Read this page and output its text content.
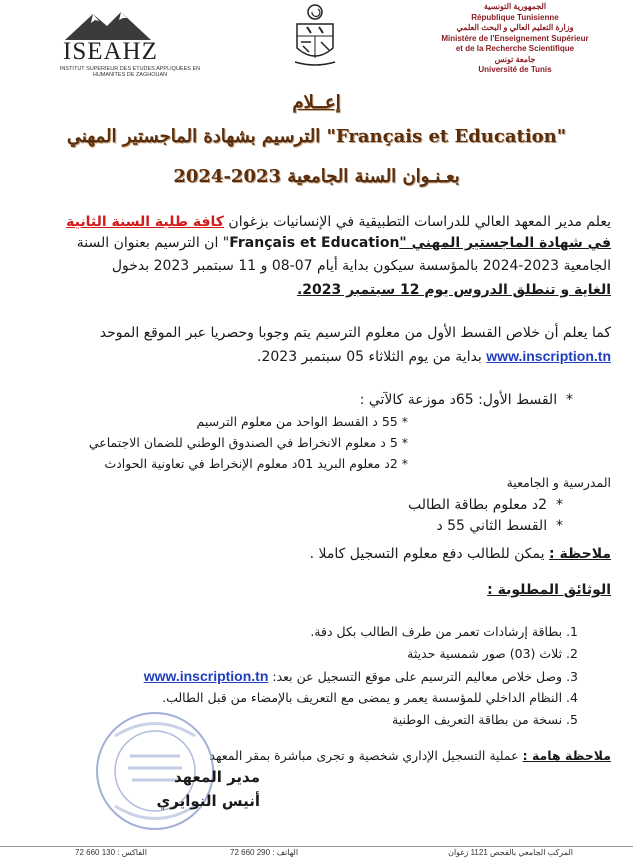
ISEAHZ
INSTITUT SUPERIEUR DES ETUDES APPLIQUEES EN HUMANITES DE ZAGHOUAN
الجمهورية التونسية
République Tunisienne
وزارة التعليم العالي و البحث العلمي
Ministère de l'Enseignement Supérieur
et de la Recherche Scientifique
جامعة تونس
Université de Tunis
إعــلام
الترسيم بشهادة الماجستير المهني "Français et Education"
بعـنـوان السنة الجامعية 2023-2024
يعلم مدير المعهد العالي للدراسات التطبيقية في الإنسانيات بزغوان كافة طلبة السنة الثانية
في شهادة الماجستير المهني "Français et Education" ان الترسيم بعنوان السنة
الجامعية 2023-2024 بالمؤسسة سيكون بداية أيام 07-08 و 11 سبتمبر 2023 بدخول
الغاية و تنطلق الدروس يوم 12 سبتمبر 2023.
كما يعلم أن خلاص القسط الأول من معلوم الترسيم يتم وجوبا وحصريا عبر الموقع الموحد
www.inscription.tn بداية من يوم الثلاثاء 05 سبتمبر 2023.
*  القسط الأول: 65د موزعة كالآتي :
* 55 د القسط الواحد من معلوم الترسيم
* 5 د معلوم الانخراط في الصندوق الوطني للضمان الاجتماعي
* 2د معلوم البريد 01د معلوم الإنخراط في تعاونية الحوادث
المدرسية و الجامعية
*  2د معلوم بطاقة الطالب
*  القسط الثاني 55 د
ملاحظة : يمكن للطالب دفع معلوم التسجيل كاملا .
الوثائق المطلوبة :
1. بطاقة إرشادات تعمر من طرف الطالب بكل دقة.
2. ثلاث (03) صور شمسية حديثة
3. وصل خلاص معاليم الترسيم على موقع التسجيل عن بعد: www.inscription.tn
4. النظام الداخلي للمؤسسة يعمر و يمضى مع التعريف بالإمضاء من قبل الطالب.
5. نسخة من بطاقة التعريف الوطنية
ملاحظة هامة : عملية التسجيل الإداري شخصية و تجرى مباشرة بمقر المعهد
مدير المعهد
أنيس النوايري
الفاكس : 130 660 72	الهاتف : 290 660 72	المركب الجامعي بالفحص 1121 زغوان
